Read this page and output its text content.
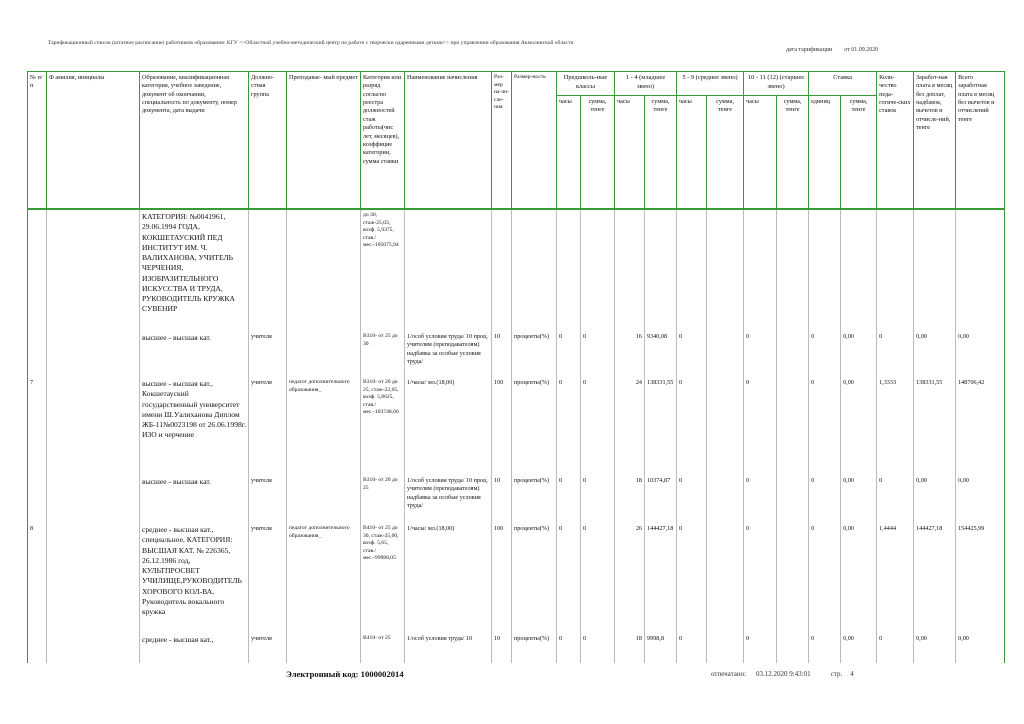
Тарификационный список (штатное расписание) работников образования: КГУ <<Областной учебно-методический центр по работе с творчески одаренными детьми>> при управлении образования Акмолинской области
дата тарификации от 01.09.2020
№ п/п	Ф амилия, инициалы	Образование, квалификационная категория, учебное заведение, документ об окончании, специальность по документу, номер документа, дата выдачи	Должно-стная группа	Преподавае- мый предмет	Категория или разряд согласно реестра должностей стаж работы(чис лет, месяцев), коэффицие категории, сумма ставки	Наименование начисления	Раз-мер на-чи-сле-ния	Размер-ность	Предшколь-ные классы		1 - 4 (младшее звено)		5 - 9 (среднее звено)		10 - 11 (12) (старшее звено)		Ставка		Коли-чество педа-гогиче-ских ставок	Заработ-ная плата в месяц без доплат, надбавок, вычетов и отчисле-ний, тенге	Всего заработная плата в месяц без вычетов и отчислений тенге
									часы	сумма, тенге	часы	сумма, тенге	часы	сумма, тенге	часы	сумма, тенге	единиц	сумма, тенге			
		КАТЕГОРИЯ: №0041961, 29.06.1994 ГОДА, КОКШЕТАУСКИЙ ПЕД ИНСТИТУТ ИМ. Ч. ВАЛИХАНОВА, УЧИТЕЛЬ ЧЕРЧЕНИЯ, ИЗОБРАЗИТЕЛЬНОГО ИСКУССТВА И ТРУДА, РУКОВОДИТЕЛЬ КРУЖКА СУВЕНИР			до 30, стаж-25,03, коэф. 5,9375, став./мес.-105075,94																
		высшее - высшая кат.	учителя		В310- от 25 до 30	1/особ условия труда/ 10 проц. учителям (преподавателям) надбавка за особые условия труда/	10	проценты(%)	0	0	16	9340,08	0		0		0	0,00	0	0,00	0,00
7		высшее - высшая кат., Кокшетауский государственный университет имени Ш.Уалиханова Диплом ЖБ-11№0023198 от 26.06.1998г. ИЗО и черчение	учителя	педагог дополнительного образования_	В310- от 20 до 25, стаж-22,05, коэф. 5,8625, став./мес.-103748,66	1/часы/ мл.(18,00)	100	проценты(%)	0	0	24	138331,55	0		0		0	0,00	1,3333	138331,55	148706,42
		высшее - высшая кат.	учителя		В310- от 20 до 25	1/особ условия труда/ 10 проц. учителям (преподавателям) надбавка за особые условия труда/	10	проценты(%)	0	0	18	10374,87	0		0		0	0,00	0	0,00	0,00
8		среднее - высшая кат., специальное, КАТЕГОРИЯ: ВЫСШАЯ КАТ. № 226365, 26.12.1986 год, КУЛЬТПРОСВЕТ УЧИЛИЩЕ,РУКОВОДИТЕЛЬ ХОРОВОГО КОЛ-ВА, Руководитель вокального кружка	учителя	педагог дополнительного образования_	В410- от 25 до 30, стаж-25,00, коэф. 5,65, став./мес.-99988,05	1/часы/ мл.(18,00)	100	проценты(%)	0	0	26	144427,18	0		0		0	0,00	1,4444	144427,18	154425,99
		среднее - высшая кат.,	учителя		В410- от 25	1/особ условия труда/ 10	10	проценты(%)	0	0	18	9998,8	0		0		0	0,00	0	0,00	0,00
Электронный код: 1000002014	отпечатано: 03.12.2020 9:43:01	стр. 4
